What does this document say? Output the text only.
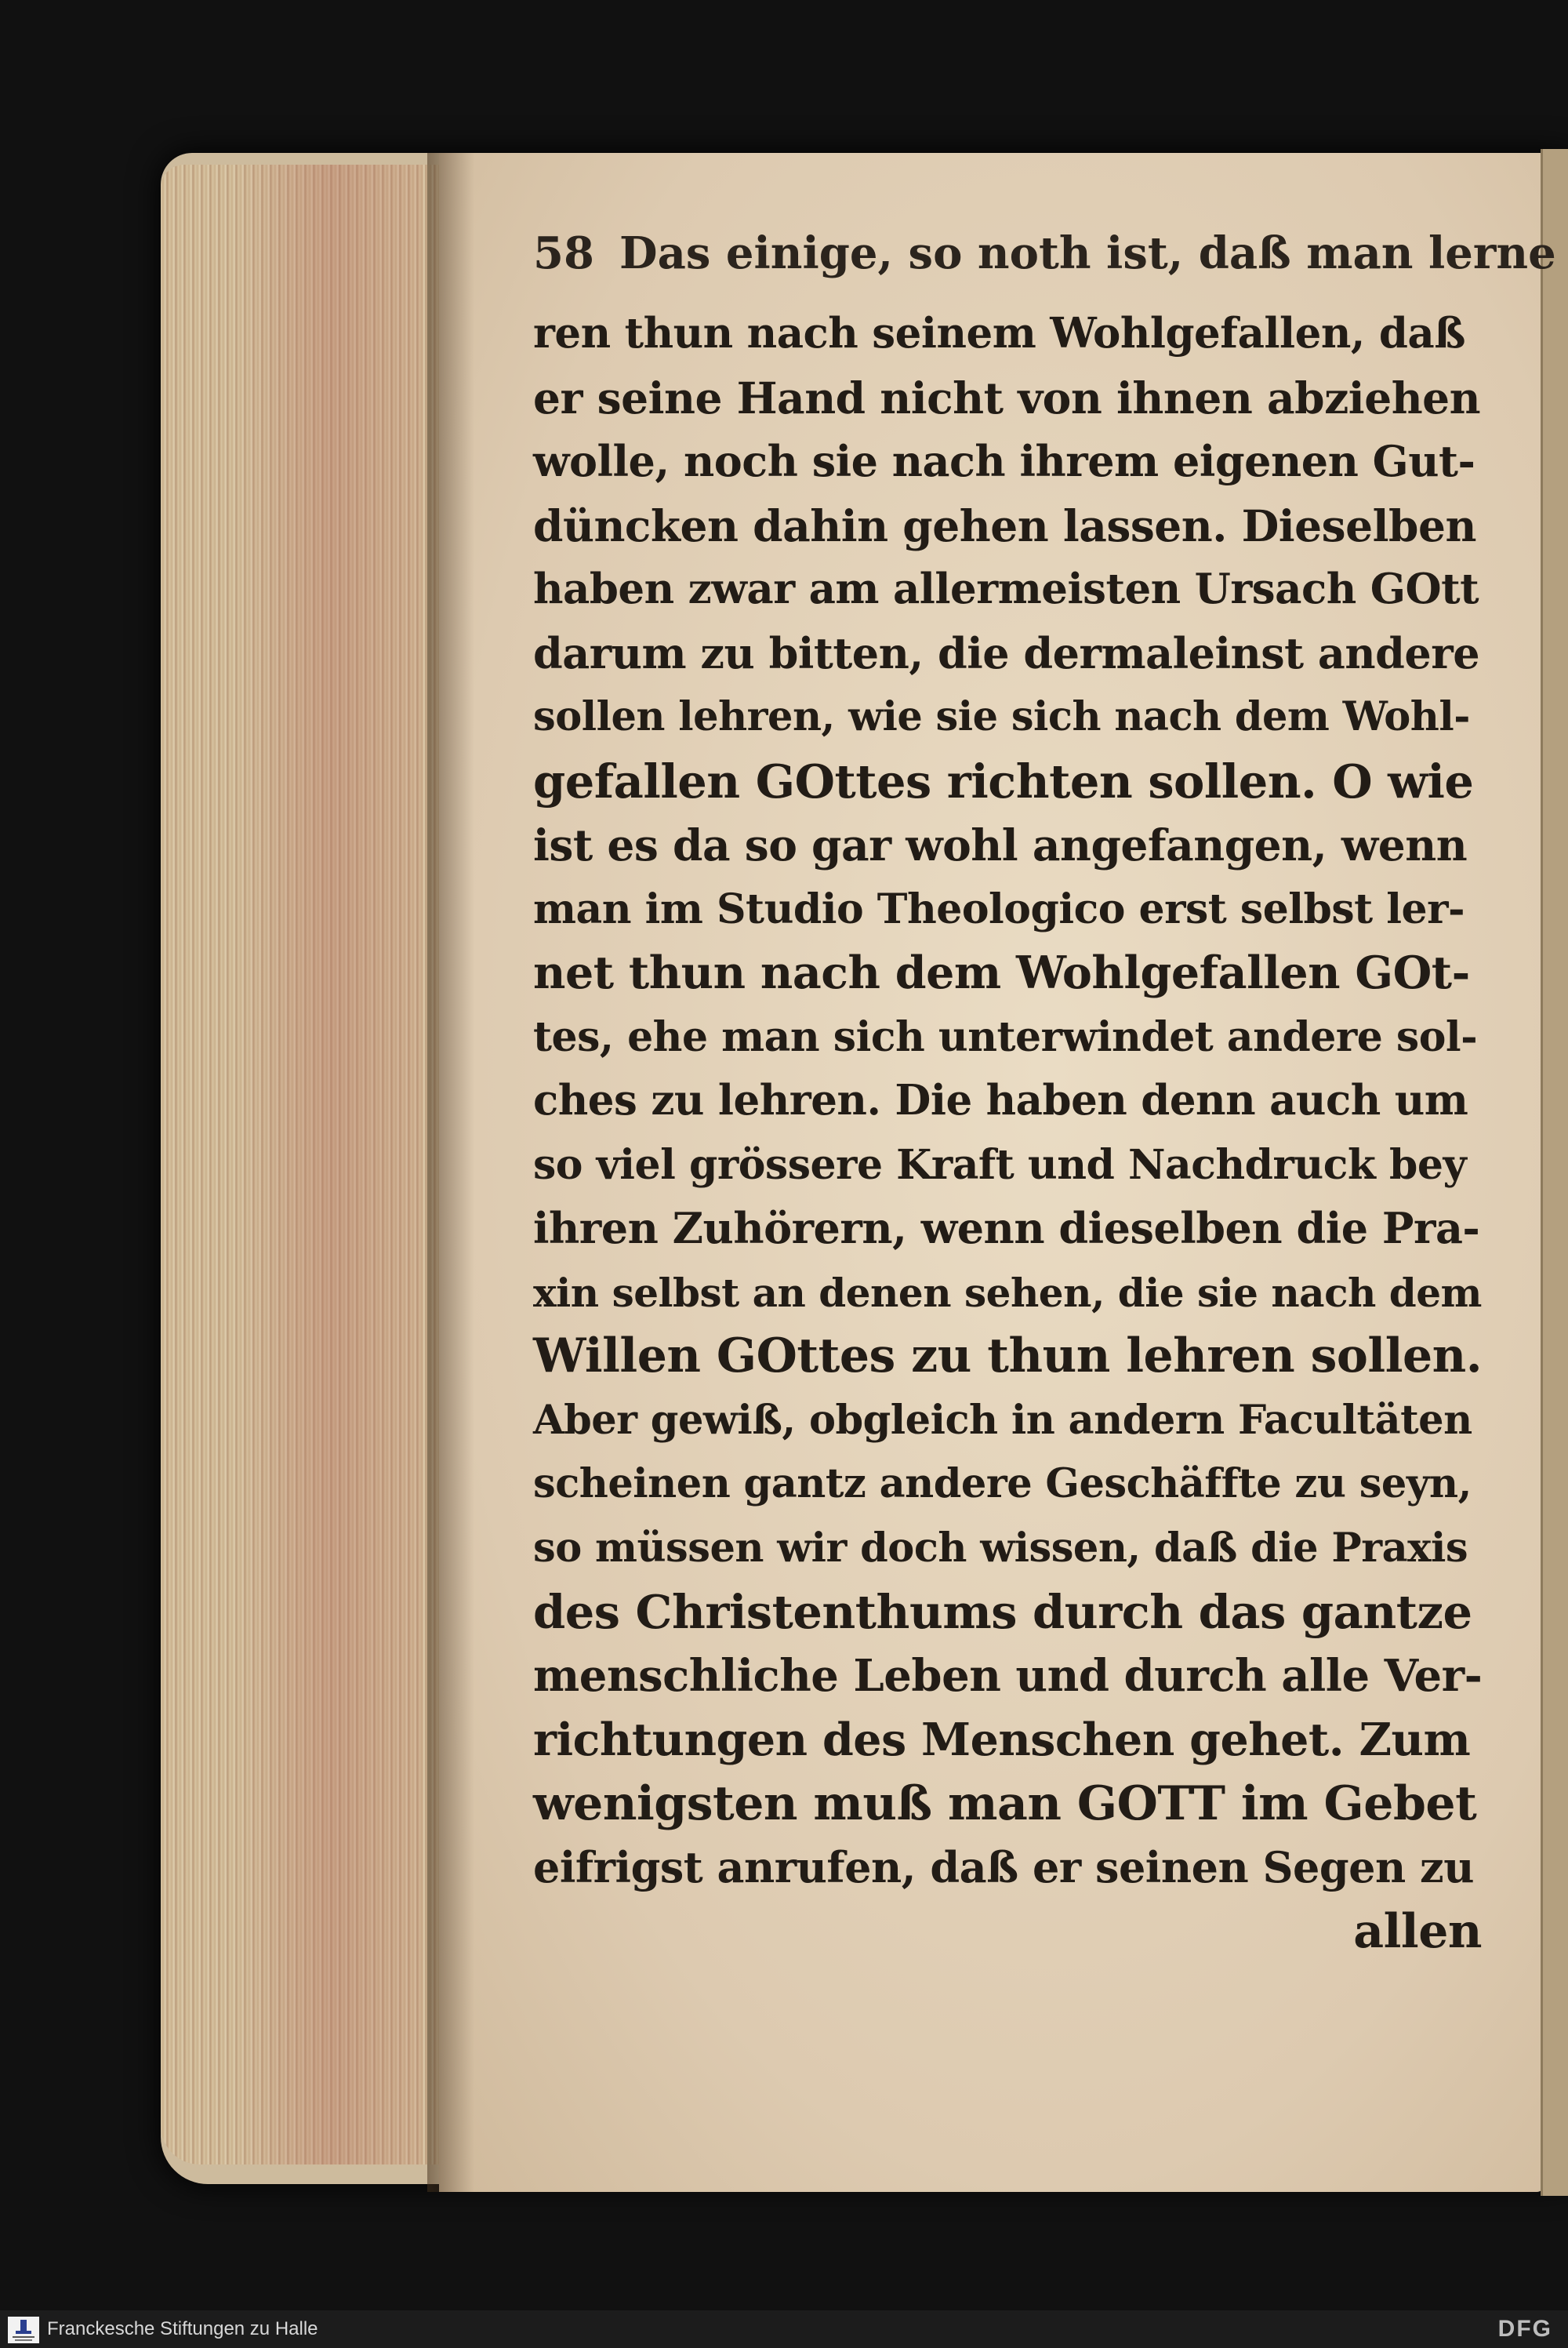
58 Das einige, so noth ist, daß man lerne
ren thun nach seinem Wohlgefallen, daß
er seine Hand nicht von ihnen abziehen
wolle, noch sie nach ihrem eigenen Gut-
düncken dahin gehen lassen. Dieselben
haben zwar am allermeisten Ursach GOtt
darum zu bitten, die dermaleinst andere
sollen lehren, wie sie sich nach dem Wohl-
gefallen GOttes richten sollen. O wie
ist es da so gar wohl angefangen, wenn
man im Studio Theologico erst selbst ler-
net thun nach dem Wohlgefallen GOt-
tes, ehe man sich unterwindet andere sol-
ches zu lehren. Die haben denn auch um
so viel grössere Kraft und Nachdruck bey
ihren Zuhörern, wenn dieselben die Pra-
xin selbst an denen sehen, die sie nach dem
Willen GOttes zu thun lehren sollen.
Aber gewiß, obgleich in andern Facultäten
scheinen gantz andere Geschäffte zu seyn,
so müssen wir doch wissen, daß die Praxis
des Christenthums durch das gantze
menschliche Leben und durch alle Ver-
richtungen des Menschen gehet. Zum
wenigsten muß man GOTT im Gebet
eifrigst anrufen, daß er seinen Segen zu
allen
Franckesche Stiftungen zu Halle	DFG
